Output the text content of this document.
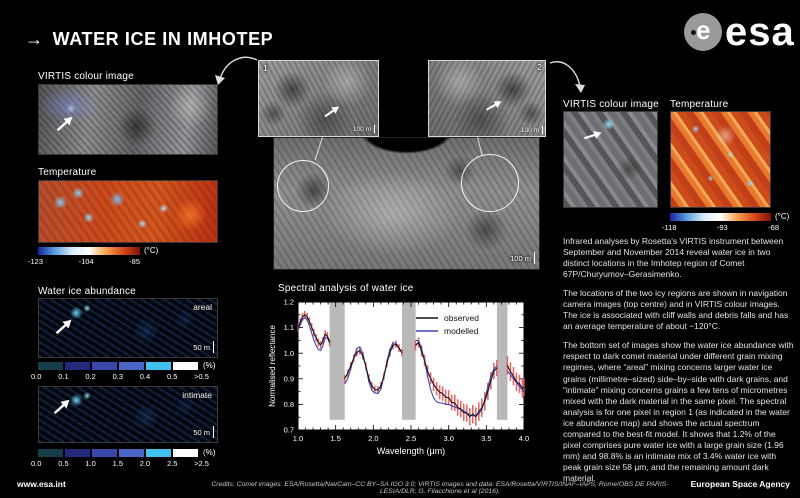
→ WATER ICE IN IMHOTEP	e esa
VIRTIS colour image
Temperature
(°C)
-123	-104	-85
Water ice abundance
areal
50 m
(%)
0.0 0.1 0.2 0.3 0.4 0.5 >0.5
intimate
50 m
(%)
0.0 0.5 1.0 1.5 2.0 2.5 >2.5
1
100 m
2
100 m
100 m
Spectral analysis of water ice
1.0	1.5	2.0	2.5	3.0	3.5	4.0
0.7
0.8
0.9
1.0
1.1
1.2
Wavelength (μm)
Normalised reflectance
observed
modelled
VIRTIS colour image Temperature
(°C)
-118	-93	-68

Infrared analyses by Rosetta's VIRTIS instrument between September and November 2014 reveal water ice in two distinct locations in the Imhotep region of Comet 67P/Churyumov–Gerasimenko.

The locations of the two icy regions are shown in navigation camera images (top centre) and in VIRTIS colour images. The ice is associated with cliff walls and debris falls and has an average temperature of about −120°C.

The bottom set of images show the water ice abundance with respect to dark comet material under different grain mixing regimes, where “areal” mixing concerns larger water ice grains (millimetre–sized) side–by–side with dark grains, and “intimate” mixing concerns grains a few tens of micrometres mixed with the dark material in the same pixel. The spectral analysis is for one pixel in region 1 (as indicated in the water ice abundance map) and shows the actual spectrum compared to the best-fit model. It shows that 1.2% of the pixel comprises pure water ice with a large grain size (1.96 mm) and 98.8% is an intimate mix of 3.4% water ice with peak grain size 58 μm, and the remaining amount dark material.

www.esa.int	Credits: Comet images: ESA/Rosetta/NavCam–CC BY–SA IGO 3.0; VIRTIS images and data: ESA/Rosetta/VIRTIS/INAF–IAPS, Rome/OBS DE PARIS-LESIA/DLR; G. Filacchione et al (2016).
European Space Agency
